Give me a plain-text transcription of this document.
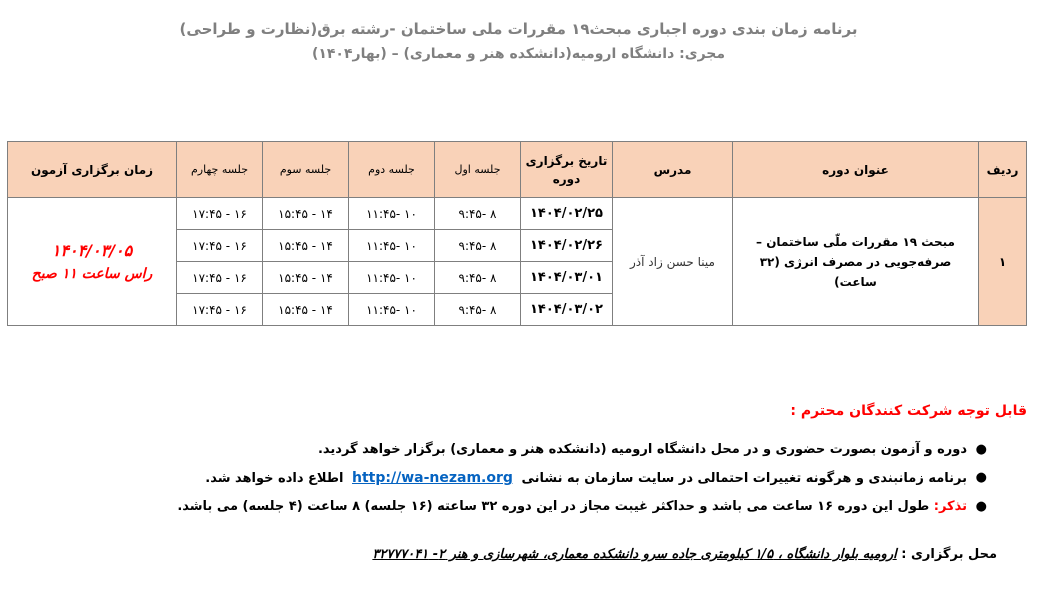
برنامه زمان بندی دوره اجباری مبحث۱۹ مقررات ملی ساختمان -رشته برق(نظارت و طراحی)
مجری: دانشگاه ارومیه(دانشکده هنر و معماری) – (بهار۱۴۰۴)
ردیف	عنوان دوره	مدرس	تاریخ برگزاری دوره	جلسه اول	جلسه دوم	جلسه سوم	جلسه چهارم	زمان برگزاری آزمون
۱	مبحث ۱۹ مقررات ملّی ساختمان – صرفه‌جویی در مصرف انرژی (۳۲ ساعت)	مینا حسن زاد آذر	۱۴۰۴/۰۲/۲۵	۸ -۹:۴۵	۱۰ -۱۱:۴۵	۱۴ - ۱۵:۴۵	۱۶ - ۱۷:۴۵	۱۴۰۴/۰۳/۰۵
راس ساعت ۱۱ صبح

			۱۴۰۴/۰۲/۲۶	۸ -۹:۴۵	۱۰ -۱۱:۴۵	۱۴ - ۱۵:۴۵	۱۶ - ۱۷:۴۵	
			۱۴۰۴/۰۳/۰۱	۸ -۹:۴۵	۱۰ -۱۱:۴۵	۱۴ - ۱۵:۴۵	۱۶ - ۱۷:۴۵	
			۱۴۰۴/۰۳/۰۲	۸ -۹:۴۵	۱۰ -۱۱:۴۵	۱۴ - ۱۵:۴۵	۱۶ - ۱۷:۴۵	
قابل توجه شرکت کنندگان محترم :
●
دوره و آزمون بصورت حضوری و در محل دانشگاه ارومیه (دانشکده هنر و معماری) برگزار خواهد گردید.
●
برنامه زمانبندی و هرگونه تغییرات احتمالی در سایت سازمان به نشانی http://wa-nezam.org اطلاع داده خواهد شد.
●
تذکر: طول این دوره ۱۶ ساعت می باشد و حداکثر غیبت مجاز در این دوره ۳۲ ساعته (۱۶ جلسه) ۸ ساعت (۴ جلسه) می باشد.
محل برگزاری : ارومیه بلوار دانشگاه ، ۱/۵ کیلومتری جاده سرو دانشکده معماری، شهرسازی و هنر ۲- ۳۲۷۷۷۰۴۱
